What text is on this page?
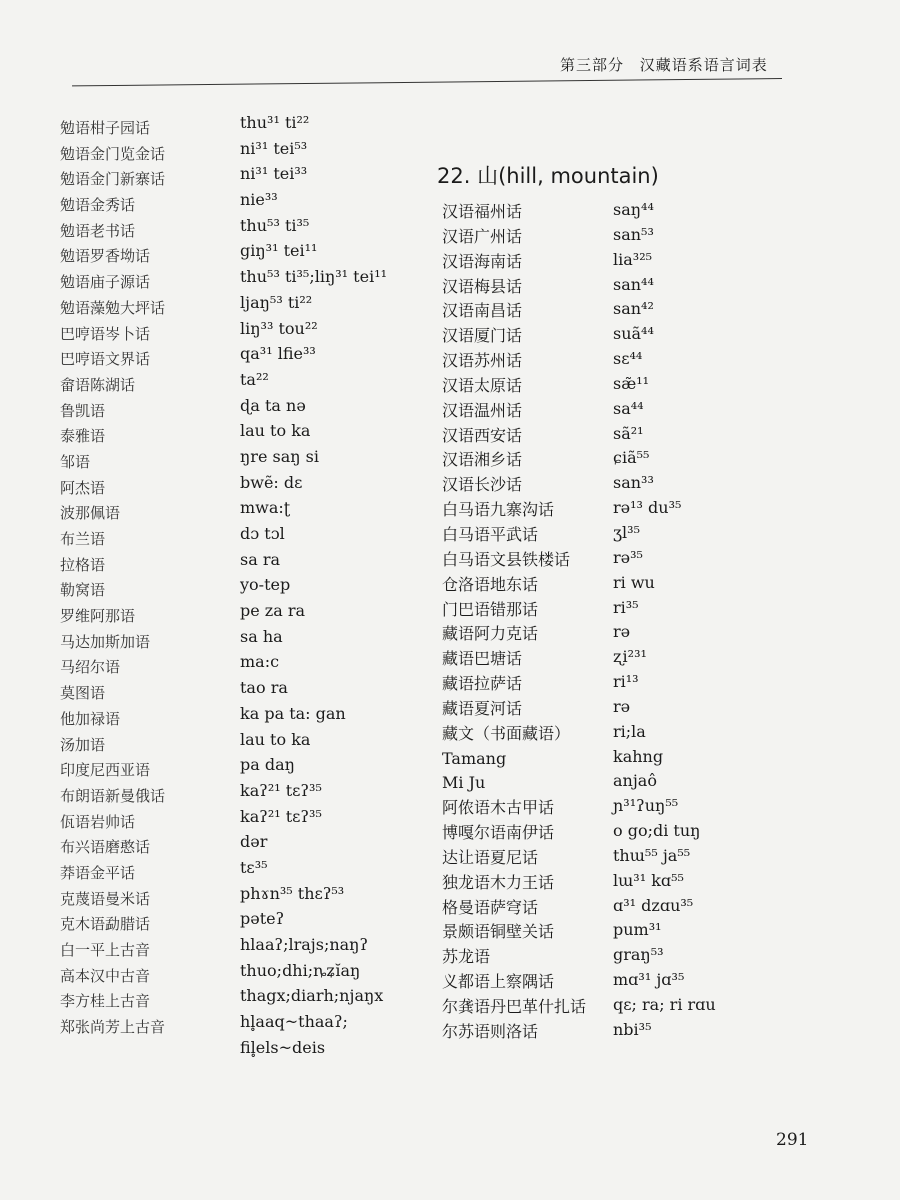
第三部分 汉藏语系语言词表
勉语柑子园话
勉语金门览金话
勉语金门新寨话
勉语金秀话
勉语老书话
勉语罗香坳话
勉语庙子源话
勉语藻勉大坪话
巴哼语岑卜话
巴哼语文界话
畲语陈湖话
鲁凯语
泰雅语
邹语
阿杰语
波那佩语
布兰语
拉格语
勒窝语
罗维阿那语
马达加斯加语
马绍尔语
莫图语
他加禄语
汤加语
印度尼西亚语
布朗语新曼俄话
佤语岩帅话
布兴语磨憨话
莽语金平话
克蔑语曼米话
克木语勐腊话
白一平上古音
高本汉中古音
李方桂上古音
郑张尚芳上古音
thu³¹ ti²²
ni³¹ tei⁵³
ni³¹ tei³³
nie³³
thu⁵³ ti³⁵
giŋ³¹ tei¹¹
thu⁵³ ti³⁵;liŋ³¹ tei¹¹
ljaŋ⁵³ ti²²
liŋ³³ tou²²
qa³¹ lfie³³
ta²²
ɖa ta nə
lau to ka
ŋre saŋ si
bwẽ: dɛ
mwa:ʈ
dɔ tɔl
sa ra
yo-tep
pe za ra
sa ha
ma:c
tao ra
ka pa ta: gan
lau to ka
pa daŋ
kaʔ²¹ tɛʔ³⁵
kaʔ²¹ tɛʔ³⁵
dər
tɛ³⁵
phɤn³⁵ thɛʔ⁵³
pəteʔ
hlaaʔ;lrajs;naŋʔ
thuo;dhi;ȵʑĭaŋ
thagx;diarh;njaŋx
hl̥aaq~thaaʔ;
fil̥els~deis
22. 山(hill, mountain)
汉语福州话
汉语广州话
汉语海南话
汉语梅县话
汉语南昌话
汉语厦门话
汉语苏州话
汉语太原话
汉语温州话
汉语西安话
汉语湘乡话
汉语长沙话
白马语九寨沟话
白马语平武话
白马语文县铁楼话
仓洛语地东话
门巴语错那话
藏语阿力克话
藏语巴塘话
藏语拉萨话
藏语夏河话
藏文（书面藏语）
Tamang
Mi Ju
阿侬语木古甲话
博嘎尔语南伊话
达让语夏尼话
独龙语木力王话
格曼语萨穹话
景颇语铜壁关话
苏龙语
义都语上察隅话
尔龚语丹巴革什扎话
尔苏语则洛话
saŋ⁴⁴
san⁵³
lia³²⁵
san⁴⁴
san⁴²
suã⁴⁴
sɛ⁴⁴
sæ̃¹¹
sa⁴⁴
sã²¹
ɕiã⁵⁵
san³³
rə¹³ du³⁵
ʒl³⁵
rə³⁵
ri wu
ri³⁵
rə
ʐi²³¹
ri¹³
rə
ri;la
kahng
anjaô
ɲ³¹ʔuŋ⁵⁵
o go;di tuŋ
thɯ⁵⁵ ja⁵⁵
lɯ³¹ kɑ⁵⁵
ɑ³¹ dzɑu³⁵
pum³¹
graŋ⁵³
mɑ³¹ jɑ³⁵
qɛ; ra; ri rɑu
nbi³⁵
291
